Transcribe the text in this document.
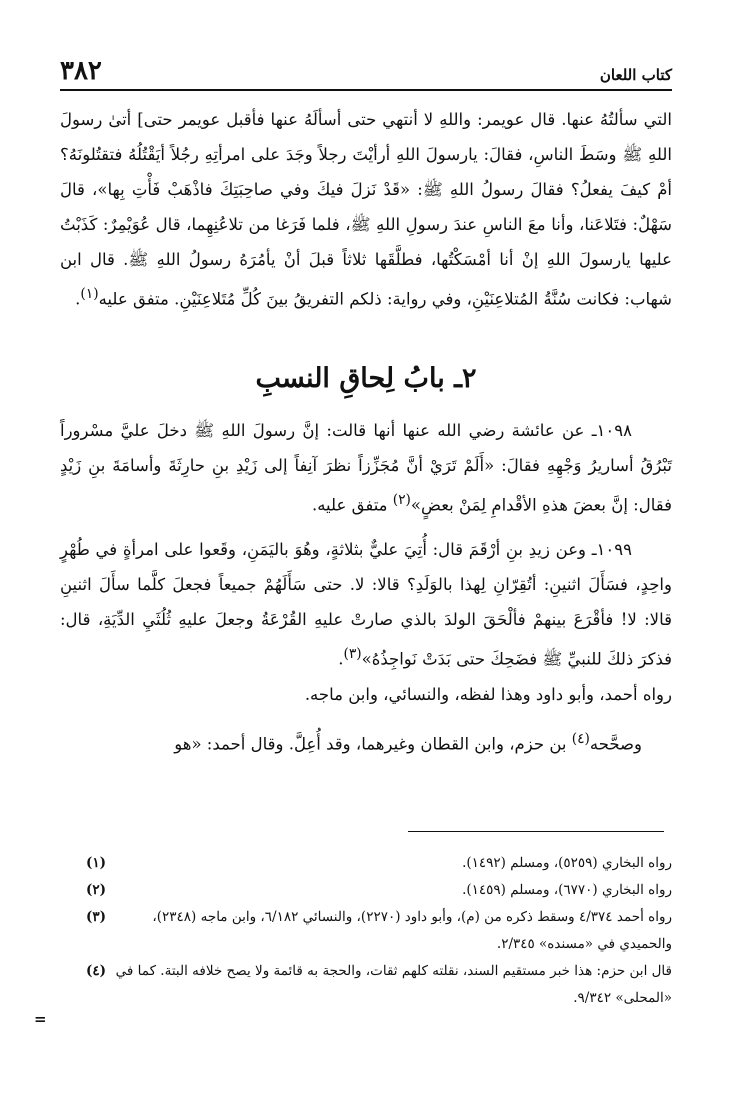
٣٨٢	كتاب اللعان

التي سألتُهُ عنها. قال عويمر: واللهِ لا أنتهي حتى أسألَهُ عنها فأقبل عويمر حتى] أتىٰ رسولَ اللهِ ﷺ وسَطَ الناسِ، فقالَ: يارسولَ اللهِ أرأيْتَ رجلاً وجَدَ على امرأتِهِ رجُلاً أيَقْتُلُهُ فتقتُلونَهُ؟ أمْ كيفَ يفعلُ؟ فقالَ رسولُ اللهِ ﷺ: «قَدْ نَزلَ فيكَ وفي صاحِبَتِكَ فاذْهَبْ فَأْتِ بِها»، قالَ سَهْلٌ: فتَلاعَنا، وأنا معَ الناسِ عندَ رسولِ اللهِ ﷺ، فلما فَرَغا من تلاعُنِهِما، قال عُوَيْمِرٌ: كَذَبْتُ عليها يارسولَ اللهِ إنْ أنا أمْسَكْتُها، فطلَّقَها ثلاثاً قبلَ أنْ يأمُرَهُ رسولُ اللهِ ﷺ. قال ابن شهاب: فكانت سُنَّةُ المُتلاعِنَيْنِ، وفي رواية: ذلكم التفريقُ بينَ كُلِّ مُتَلاعِنَيْنِ. متفق عليه$^{(١)}$.

٢ـ بابُ لِحاقِ النسبِ

١٠٩٨ـ عن عائشة رضي الله عنها أنها قالت: إنَّ رسولَ اللهِ ﷺ دخلَ عليَّ مسْروراً تَبْرُقُ أساريرُ وَجْهِهِ فقالَ: «أَلَمْ تَرَيْ أنَّ مُجَزِّزاً نظرَ آنِفاً إلى زَيْدِ بنِ حارِثَةَ وأسامَةَ بنِ زَيْدٍ فقال: إنَّ بعضَ هذهِ الأقْدامِ لِمَنْ بعضٍ»$^{(٢)}$ متفق عليه.

١٠٩٩ـ وعن زيدِ بنِ أرْقَمَ قال: أُتِيَ عليٌّ بثلاثةٍ، وهُوَ باليَمَنِ، وقَعوا على امرأةٍ في طُهْرٍ واحِدٍ، فسَأَلَ اثنينِ: أتُقِرّانِ لِهذا بالوَلَدِ؟ قالا: لا. حتى سَأَلَهُمْ جميعاً فجعلَ كلَّما سأَلَ اثنينِ قالا: لا! فأقْرَعَ بينهمْ فألْحَقَ الولدَ بالذي صارتْ عليهِ القُرْعَةُ وجعلَ عليهِ ثُلُثَيِ الدِّيَةِ، قال: فذكرَ ذلكَ للنبيِّ ﷺ فضَحِكَ حتى بَدَتْ نَواجِذُهُ»$^{(٣)}$.

رواه أحمد، وأبو داود وهذا لفظه، والنسائي، وابن ماجه.

وصحَّحه$^{(٤)}$ بن حزم، وابن القطان وغيرهما، وقد أُعِلَّ. وقال أحمد: «هو

رواه البخاري (٥٢٥٩)، ومسلم (١٤٩٢).
(١)
رواه البخاري (٦٧٧٠)، ومسلم (١٤٥٩).
(٢)
رواه أحمد ٤/٣٧٤ وسقط ذكره من (م)، وأبو داود (٢٢٧٠)، والنسائي ٦/١٨٢، وابن ماجه (٢٣٤٨)، والحميدي في «مسنده» ٢/٣٤٥.
(٣)
قال ابن حزم: هذا خبر مستقيم السند، نقلته كلهم ثقات، والحجة به قائمة ولا يصح خلافه البتة. كما في «المحلى» ٩/٣٤٢.
(٤)
=
